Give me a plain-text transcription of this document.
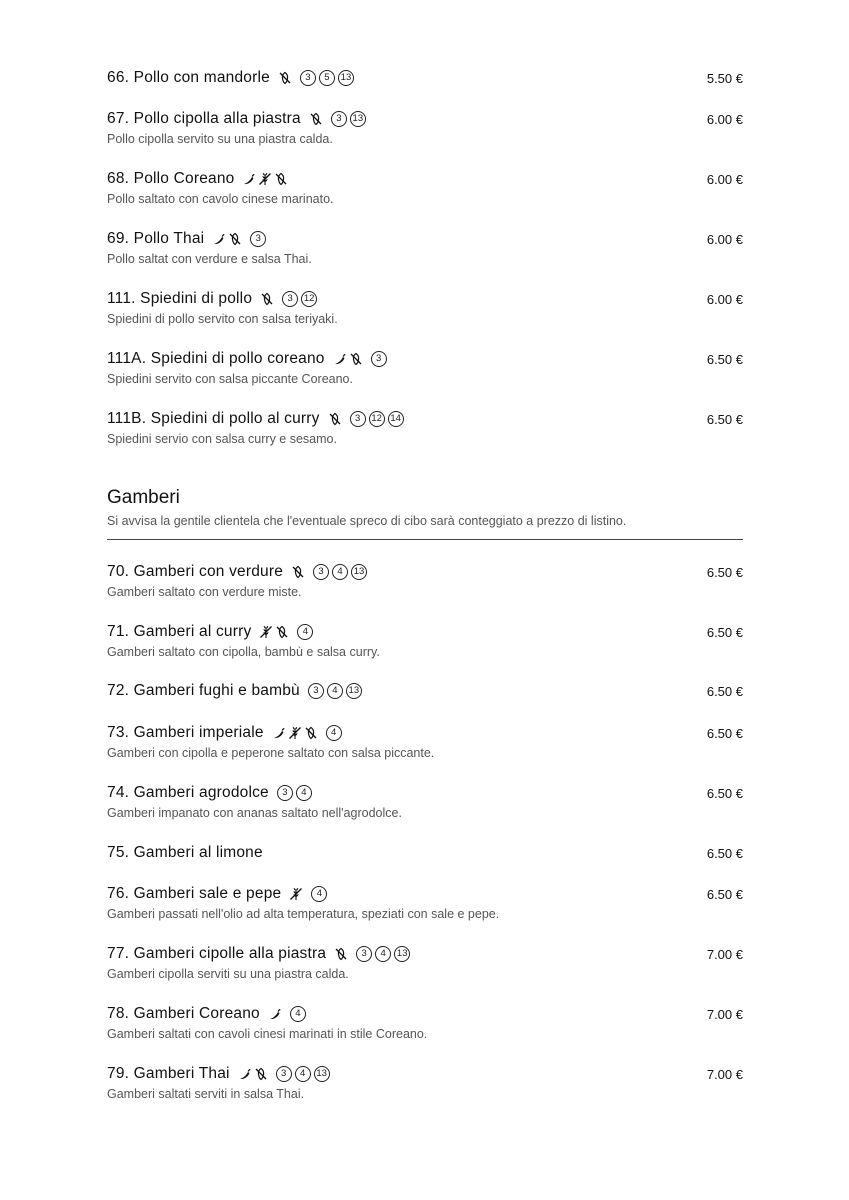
66. Pollo con mandorle	3	5	13	5.50 €
67. Pollo cipolla alla piastra	3	13	6.00 €
Pollo cipolla servito su una piastra calda.
68. Pollo Coreano	6.00 €
Pollo saltato con cavolo cinese marinato.
69. Pollo Thai	3	6.00 €
Pollo saltat con verdure e salsa Thai.
111. Spiedini di pollo	3	12	6.00 €
Spiedini di pollo servito con salsa teriyaki.
111A. Spiedini di pollo coreano	3	6.50 €
Spiedini servito con salsa piccante Coreano.
111B. Spiedini di pollo al curry	3	12 14	6.50 €
Spiedini servio con salsa curry e sesamo.
Gamberi
Si avvisa la gentile clientela che l'eventuale spreco di cibo sarà conteggiato a prezzo di listino.
70. Gamberi con verdure	3	4	13	6.50 €
Gamberi saltato con verdure miste.
71. Gamberi al curry	4	6.50 €
Gamberi saltato con cipolla, bambù e salsa curry.
72. Gamberi fughi e bambù	3	4	13	6.50 €
73. Gamberi imperiale	4	6.50 €
Gamberi con cipolla e peperone saltato con salsa piccante.
74. Gamberi agrodolce	3	4	6.50 €
Gamberi impanato con ananas saltato nell'agrodolce.
75. Gamberi al limone	6.50 €
76. Gamberi sale e pepe	4	6.50 €
Gamberi passati nell'olio ad alta temperatura, speziati con sale e pepe.
77. Gamberi cipolle alla piastra	3	4	13	7.00 €
Gamberi cipolla serviti su una piastra calda.
78. Gamberi Coreano	4	7.00 €
Gamberi saltati con cavoli cinesi marinati in stile Coreano.
79. Gamberi Thai	3	4	13	7.00 €
Gamberi saltati serviti in salsa Thai.
